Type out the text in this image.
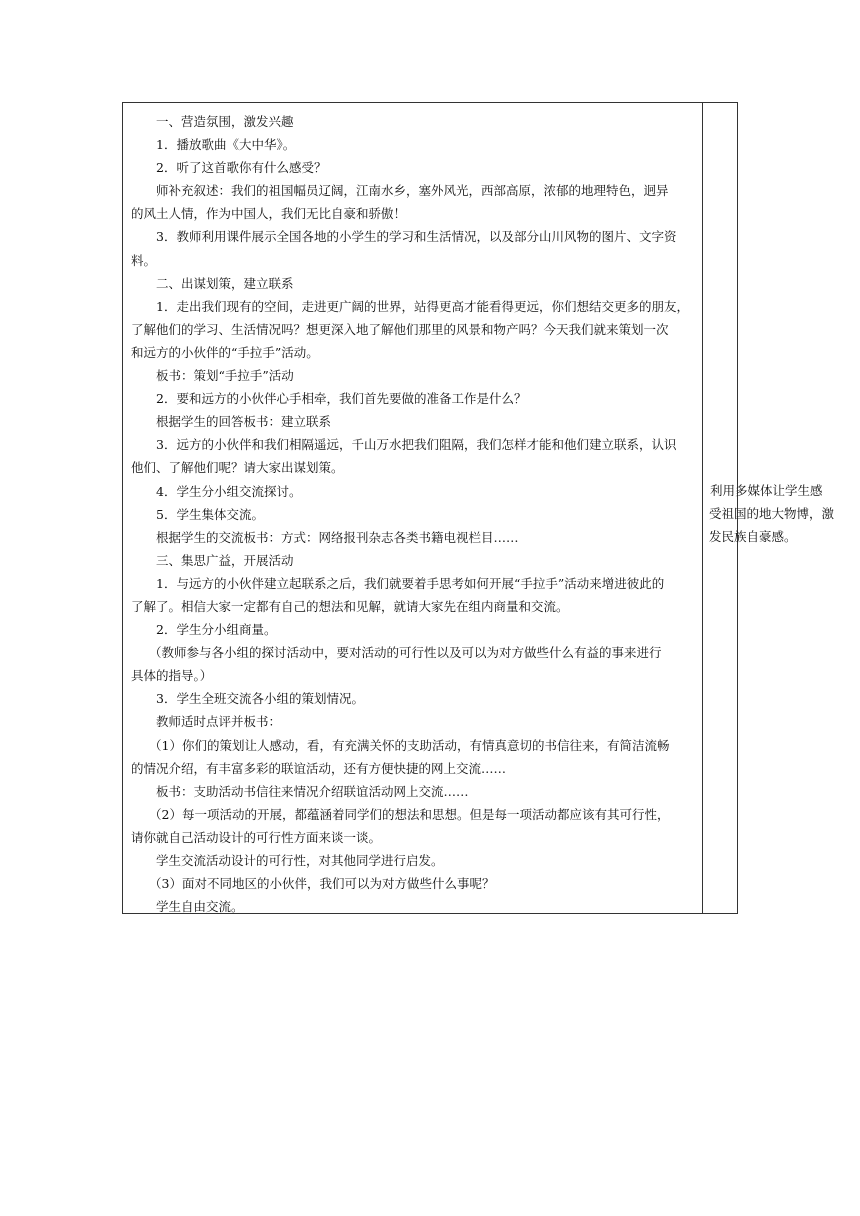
一、营造氛围，激发兴趣
1．播放歌曲《大中华》。
2．听了这首歌你有什么感受？
师补充叙述：我们的祖国幅员辽阔，江南水乡，塞外风光，西部高原，浓郁的地理特色，迥异
的风土人情，作为中国人，我们无比自豪和骄傲！
3．教师利用课件展示全国各地的小学生的学习和生活情况，以及部分山川风物的图片、文字资
料。
二、出谋划策，建立联系
1．走出我们现有的空间，走进更广阔的世界，站得更高才能看得更远，你们想结交更多的朋友，
了解他们的学习、生活情况吗？想更深入地了解他们那里的风景和物产吗？今天我们就来策划一次
和远方的小伙伴的“手拉手”活动。
板书：策划“手拉手”活动
2．要和远方的小伙伴心手相牵，我们首先要做的准备工作是什么？
根据学生的回答板书：建立联系
3．远方的小伙伴和我们相隔遥远，千山万水把我们阻隔，我们怎样才能和他们建立联系，认识
他们、了解他们呢？请大家出谋划策。
4．学生分小组交流探讨。
5．学生集体交流。
根据学生的交流板书：方式：网络报刊杂志各类书籍电视栏目……
三、集思广益，开展活动
1．与远方的小伙伴建立起联系之后，我们就要着手思考如何开展“手拉手”活动来增进彼此的
了解了。相信大家一定都有自己的想法和见解，就请大家先在组内商量和交流。
2．学生分小组商量。
（教师参与各小组的探讨活动中，要对活动的可行性以及可以为对方做些什么有益的事来进行
具体的指导。）
3．学生全班交流各小组的策划情况。
教师适时点评并板书：
（1）你们的策划让人感动，看，有充满关怀的支助活动，有情真意切的书信往来，有简洁流畅
的情况介绍，有丰富多彩的联谊活动，还有方便快捷的网上交流……
板书：支助活动书信往来情况介绍联谊活动网上交流……
（2）每一项活动的开展，都蕴涵着同学们的想法和思想。但是每一项活动都应该有其可行性，
请你就自己活动设计的可行性方面来谈一谈。
学生交流活动设计的可行性，对其他同学进行启发。
（3）面对不同地区的小伙伴，我们可以为对方做些什么事呢？
学生自由交流。
利用多媒体让学生感
受祖国的地大物博，激
发民族自豪感。
